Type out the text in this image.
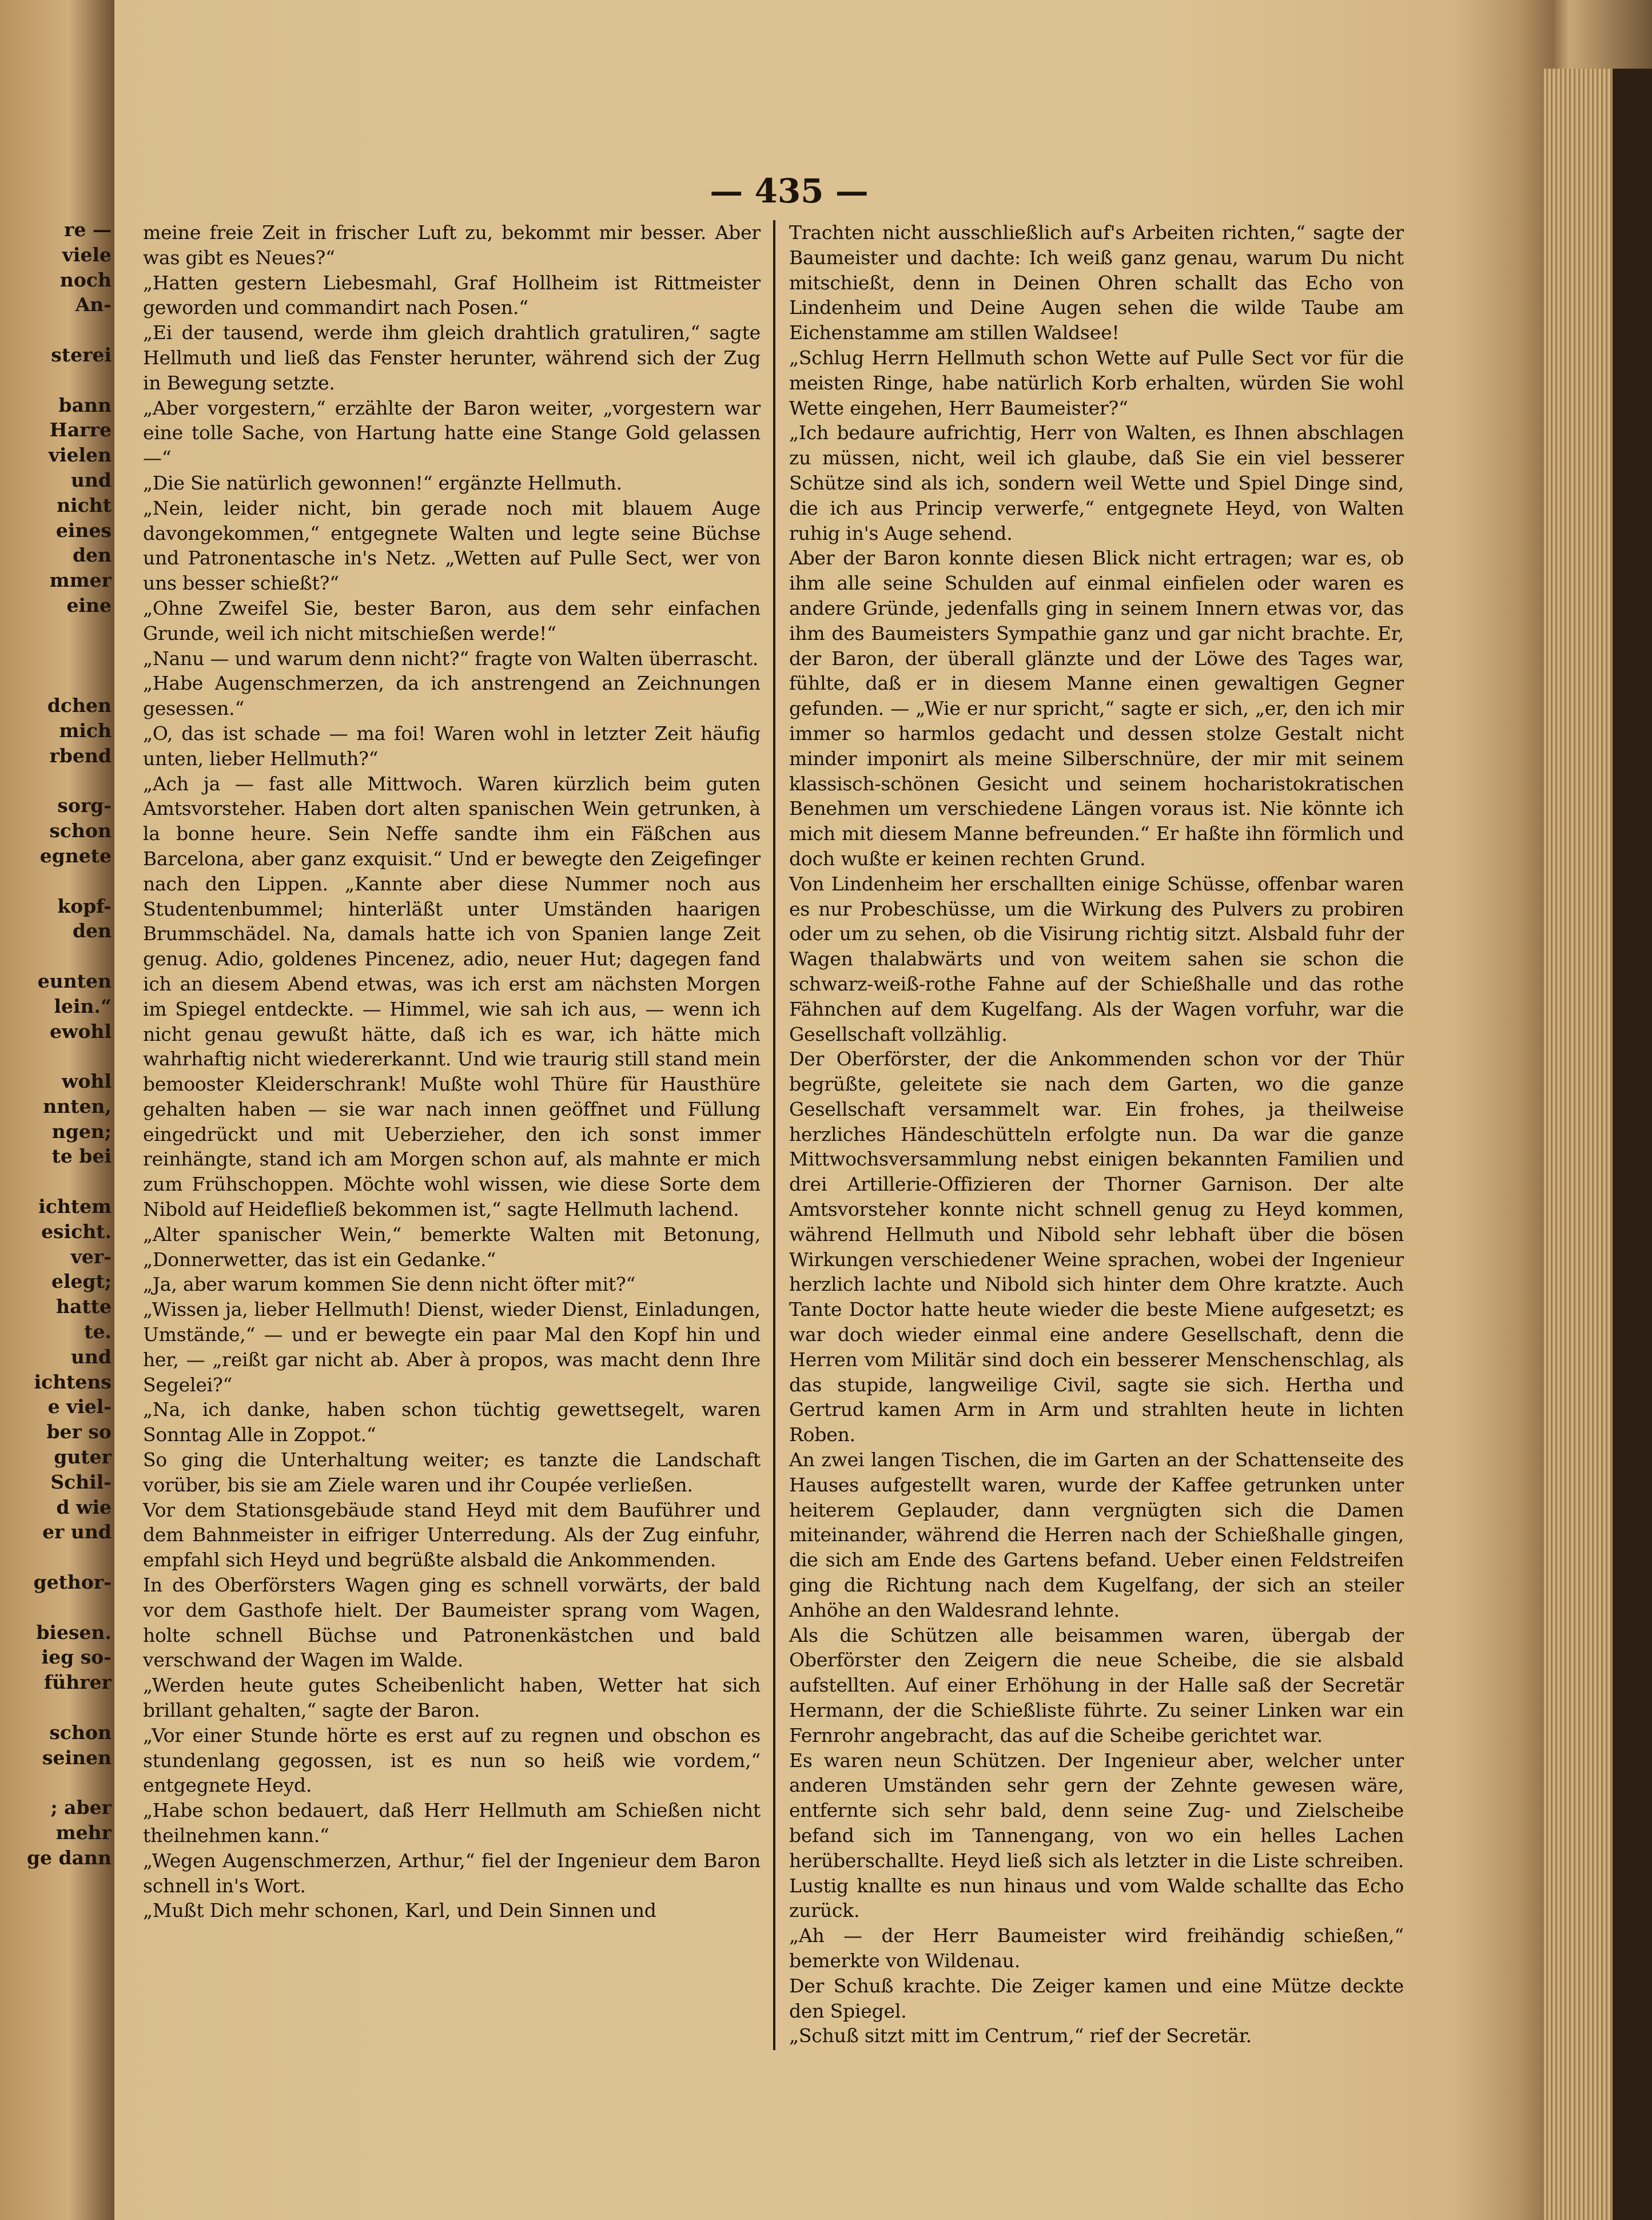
— 435 —
re —
viele
noch
An-
sterei
bann
Harre
vielen
und
nicht
eines
den
mmer
eine
dchen
mich
rbend
sorg-
schon
egnete
kopf-
den
eunten
lein.“
ewohl
wohl
nnten,
ngen;
te bei
ichtem
esicht.
ver-
elegt;
hatte
te.
und
ichtens
e viel-
ber so
guter
Schil-
d wie
er und
gethor-
biesen.
ieg so-
führer
schon
seinen
; aber
mehr
ge dann

meine freie Zeit in frischer Luft zu, bekommt mir besser. Aber was gibt es Neues?“

„Hatten gestern Liebesmahl, Graf Hollheim ist Rittmeister geworden und commandirt nach Posen.“

„Ei der tausend, werde ihm gleich drahtlich gratuliren,“ sagte Hellmuth und ließ das Fenster herunter, während sich der Zug in Bewegung setzte.

„Aber vorgestern,“ erzählte der Baron weiter, „vorgestern war eine tolle Sache, von Hartung hatte eine Stange Gold gelassen —“

„Die Sie natürlich gewonnen!“ ergänzte Hellmuth.

„Nein, leider nicht, bin gerade noch mit blauem Auge davongekommen,“ entgegnete Walten und legte seine Büchse und Patronentasche in's Netz. „Wetten auf Pulle Sect, wer von uns besser schießt?“

„Ohne Zweifel Sie, bester Baron, aus dem sehr einfachen Grunde, weil ich nicht mitschießen werde!“

„Nanu — und warum denn nicht?“ fragte von Walten überrascht.

„Habe Augenschmerzen, da ich anstrengend an Zeichnungen gesessen.“

„O, das ist schade — ma foi! Waren wohl in letzter Zeit häufig unten, lieber Hellmuth?“

„Ach ja — fast alle Mittwoch. Waren kürzlich beim guten Amtsvorsteher. Haben dort alten spanischen Wein getrunken, à la bonne heure. Sein Neffe sandte ihm ein Fäßchen aus Barcelona, aber ganz exquisit.“ Und er bewegte den Zeigefinger nach den Lippen. „Kannte aber diese Nummer noch aus Studentenbummel; hinterläßt unter Umständen haarigen Brummschädel. Na, damals hatte ich von Spanien lange Zeit genug. Adio, goldenes Pincenez, adio, neuer Hut; dagegen fand ich an diesem Abend etwas, was ich erst am nächsten Morgen im Spiegel entdeckte. — Himmel, wie sah ich aus, — wenn ich nicht genau gewußt hätte, daß ich es war, ich hätte mich wahrhaftig nicht wiedererkannt. Und wie traurig still stand mein bemooster Kleiderschrank! Mußte wohl Thüre für Hausthüre gehalten haben — sie war nach innen geöffnet und Füllung eingedrückt und mit Ueberzieher, den ich sonst immer reinhängte, stand ich am Morgen schon auf, als mahnte er mich zum Frühschoppen. Möchte wohl wissen, wie diese Sorte dem Nibold auf Heidefließ bekommen ist,“ sagte Hellmuth lachend.

„Alter spanischer Wein,“ bemerkte Walten mit Betonung, „Donnerwetter, das ist ein Gedanke.“

„Ja, aber warum kommen Sie denn nicht öfter mit?“

„Wissen ja, lieber Hellmuth! Dienst, wieder Dienst, Einladungen, Umstände,“ — und er bewegte ein paar Mal den Kopf hin und her, — „reißt gar nicht ab. Aber à propos, was macht denn Ihre Segelei?“

„Na, ich danke, haben schon tüchtig gewettsegelt, waren Sonntag Alle in Zoppot.“

So ging die Unterhaltung weiter; es tanzte die Landschaft vorüber, bis sie am Ziele waren und ihr Coupée verließen.

Vor dem Stationsgebäude stand Heyd mit dem Bauführer und dem Bahnmeister in eifriger Unterredung. Als der Zug einfuhr, empfahl sich Heyd und begrüßte alsbald die Ankommenden.

In des Oberförsters Wagen ging es schnell vorwärts, der bald vor dem Gasthofe hielt. Der Baumeister sprang vom Wagen, holte schnell Büchse und Patronenkästchen und bald verschwand der Wagen im Walde.

„Werden heute gutes Scheibenlicht haben, Wetter hat sich brillant gehalten,“ sagte der Baron.

„Vor einer Stunde hörte es erst auf zu regnen und obschon es stundenlang gegossen, ist es nun so heiß wie vordem,“ entgegnete Heyd.

„Habe schon bedauert, daß Herr Hellmuth am Schießen nicht theilnehmen kann.“

„Wegen Augenschmerzen, Arthur,“ fiel der Ingenieur dem Baron schnell in's Wort.

„Mußt Dich mehr schonen, Karl, und Dein Sinnen und

Trachten nicht ausschließlich auf's Arbeiten richten,“ sagte der Baumeister und dachte: Ich weiß ganz genau, warum Du nicht mitschießt, denn in Deinen Ohren schallt das Echo von Lindenheim und Deine Augen sehen die wilde Taube am Eichenstamme am stillen Waldsee!

„Schlug Herrn Hellmuth schon Wette auf Pulle Sect vor für die meisten Ringe, habe natürlich Korb erhalten, würden Sie wohl Wette eingehen, Herr Baumeister?“

„Ich bedaure aufrichtig, Herr von Walten, es Ihnen abschlagen zu müssen, nicht, weil ich glaube, daß Sie ein viel besserer Schütze sind als ich, sondern weil Wette und Spiel Dinge sind, die ich aus Princip verwerfe,“ entgegnete Heyd, von Walten ruhig in's Auge sehend.

Aber der Baron konnte diesen Blick nicht ertragen; war es, ob ihm alle seine Schulden auf einmal einfielen oder waren es andere Gründe, jedenfalls ging in seinem Innern etwas vor, das ihm des Baumeisters Sympathie ganz und gar nicht brachte. Er, der Baron, der überall glänzte und der Löwe des Tages war, fühlte, daß er in diesem Manne einen gewaltigen Gegner gefunden. — „Wie er nur spricht,“ sagte er sich, „er, den ich mir immer so harmlos gedacht und dessen stolze Gestalt nicht minder imponirt als meine Silberschnüre, der mir mit seinem klassisch-schönen Gesicht und seinem hocharistokratischen Benehmen um verschiedene Längen voraus ist. Nie könnte ich mich mit diesem Manne befreunden.“ Er haßte ihn förmlich und doch wußte er keinen rechten Grund.

Von Lindenheim her erschallten einige Schüsse, offenbar waren es nur Probeschüsse, um die Wirkung des Pulvers zu probiren oder um zu sehen, ob die Visirung richtig sitzt. Alsbald fuhr der Wagen thalabwärts und von weitem sahen sie schon die schwarz-weiß-rothe Fahne auf der Schießhalle und das rothe Fähnchen auf dem Kugelfang. Als der Wagen vorfuhr, war die Gesellschaft vollzählig.

Der Oberförster, der die Ankommenden schon vor der Thür begrüßte, geleitete sie nach dem Garten, wo die ganze Gesellschaft versammelt war. Ein frohes, ja theilweise herzliches Händeschütteln erfolgte nun. Da war die ganze Mittwochsversammlung nebst einigen bekannten Familien und drei Artillerie-Offizieren der Thorner Garnison. Der alte Amtsvorsteher konnte nicht schnell genug zu Heyd kommen, während Hellmuth und Nibold sehr lebhaft über die bösen Wirkungen verschiedener Weine sprachen, wobei der Ingenieur herzlich lachte und Nibold sich hinter dem Ohre kratzte. Auch Tante Doctor hatte heute wieder die beste Miene aufgesetzt; es war doch wieder einmal eine andere Gesellschaft, denn die Herren vom Militär sind doch ein besserer Menschenschlag, als das stupide, langweilige Civil, sagte sie sich. Hertha und Gertrud kamen Arm in Arm und strahlten heute in lichten Roben.

An zwei langen Tischen, die im Garten an der Schattenseite des Hauses aufgestellt waren, wurde der Kaffee getrunken unter heiterem Geplauder, dann vergnügten sich die Damen miteinander, während die Herren nach der Schießhalle gingen, die sich am Ende des Gartens befand. Ueber einen Feldstreifen ging die Richtung nach dem Kugelfang, der sich an steiler Anhöhe an den Waldesrand lehnte.

Als die Schützen alle beisammen waren, übergab der Oberförster den Zeigern die neue Scheibe, die sie alsbald aufstellten. Auf einer Erhöhung in der Halle saß der Secretär Hermann, der die Schießliste führte. Zu seiner Linken war ein Fernrohr angebracht, das auf die Scheibe gerichtet war.

Es waren neun Schützen. Der Ingenieur aber, welcher unter anderen Umständen sehr gern der Zehnte gewesen wäre, entfernte sich sehr bald, denn seine Zug- und Zielscheibe befand sich im Tannengang, von wo ein helles Lachen herüberschallte. Heyd ließ sich als letzter in die Liste schreiben. Lustig knallte es nun hinaus und vom Walde schallte das Echo zurück.

„Ah — der Herr Baumeister wird freihändig schießen,“ bemerkte von Wildenau.

Der Schuß krachte. Die Zeiger kamen und eine Mütze deckte den Spiegel.

„Schuß sitzt mitt im Centrum,“ rief der Secretär.
